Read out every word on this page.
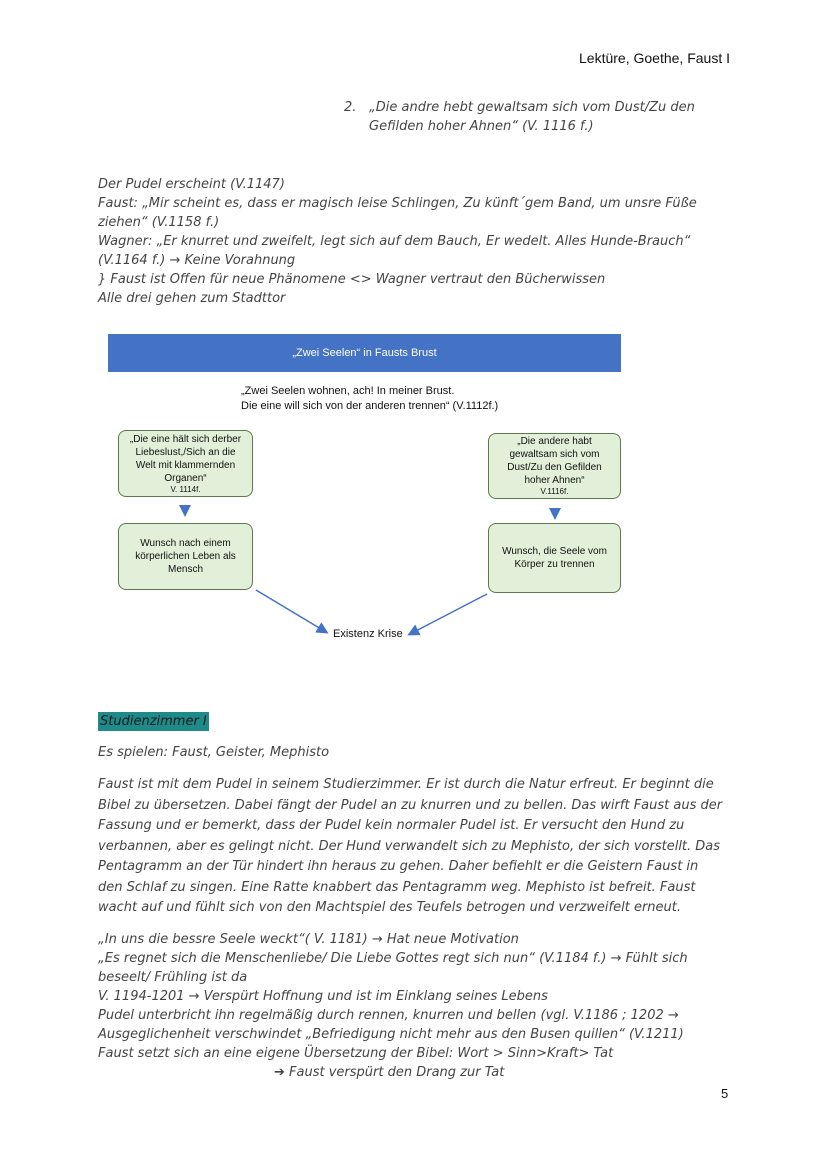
Lektüre, Goethe, Faust I
2. „Die andre hebt gewaltsam sich vom Dust/Zu den
Gefilden hoher Ahnen“ (V. 1116 f.)
Der Pudel erscheint (V.1147)
Faust: „Mir scheint es, dass er magisch leise Schlingen, Zu künft´gem Band, um unsre Füße
ziehen“ (V.1158 f.)
Wagner: „Er knurret und zweifelt, legt sich auf dem Bauch, Er wedelt. Alles Hunde-Brauch“
(V.1164 f.) → Keine Vorahnung
} Faust ist Offen für neue Phänomene <> Wagner vertraut den Bücherwissen
Alle drei gehen zum Stadttor
„Zwei Seelen“ in Fausts Brust
„Zwei Seelen wohnen, ach! In meiner Brust.
Die eine will sich von der anderen trennen“ (V.1112f.)
„Die eine hält sich derber
Liebeslust,/Sich an die
Welt mit klammernden
Organen“
V. 1114f.
„Die andere habt
gewaltsam sich vom
Dust/Zu den Gefilden
hoher Ahnen“
V.1116f.
Wunsch nach einem
körperlichen Leben als
Mensch
Wunsch, die Seele vom
Körper zu trennen
Existenz Krise
Studienzimmer I
Es spielen: Faust, Geister, Mephisto
Faust ist mit dem Pudel in seinem Studierzimmer. Er ist durch die Natur erfreut. Er beginnt die
Bibel zu übersetzen. Dabei fängt der Pudel an zu knurren und zu bellen. Das wirft Faust aus der
Fassung und er bemerkt, dass der Pudel kein normaler Pudel ist. Er versucht den Hund zu
verbannen, aber es gelingt nicht. Der Hund verwandelt sich zu Mephisto, der sich vorstellt. Das
Pentagramm an der Tür hindert ihn heraus zu gehen. Daher befiehlt er die Geistern Faust in
den Schlaf zu singen. Eine Ratte knabbert das Pentagramm weg. Mephisto ist befreit. Faust
wacht auf und fühlt sich von den Machtspiel des Teufels betrogen und verzweifelt erneut.
„In uns die bessre Seele weckt“( V. 1181) → Hat neue Motivation
„Es regnet sich die Menschenliebe/ Die Liebe Gottes regt sich nun“ (V.1184 f.) → Fühlt sich
beseelt/ Frühling ist da
V. 1194-1201 → Verspürt Hoffnung und ist im Einklang seines Lebens
Pudel unterbricht ihn regelmäßig durch rennen, knurren und bellen (vgl. V.1186 ; 1202 →
Ausgeglichenheit verschwindet „Befriedigung nicht mehr aus den Busen quillen“ (V.1211)
Faust setzt sich an eine eigene Übersetzung der Bibel: Wort > Sinn>Kraft> Tat
➔ Faust verspürt den Drang zur Tat
5
